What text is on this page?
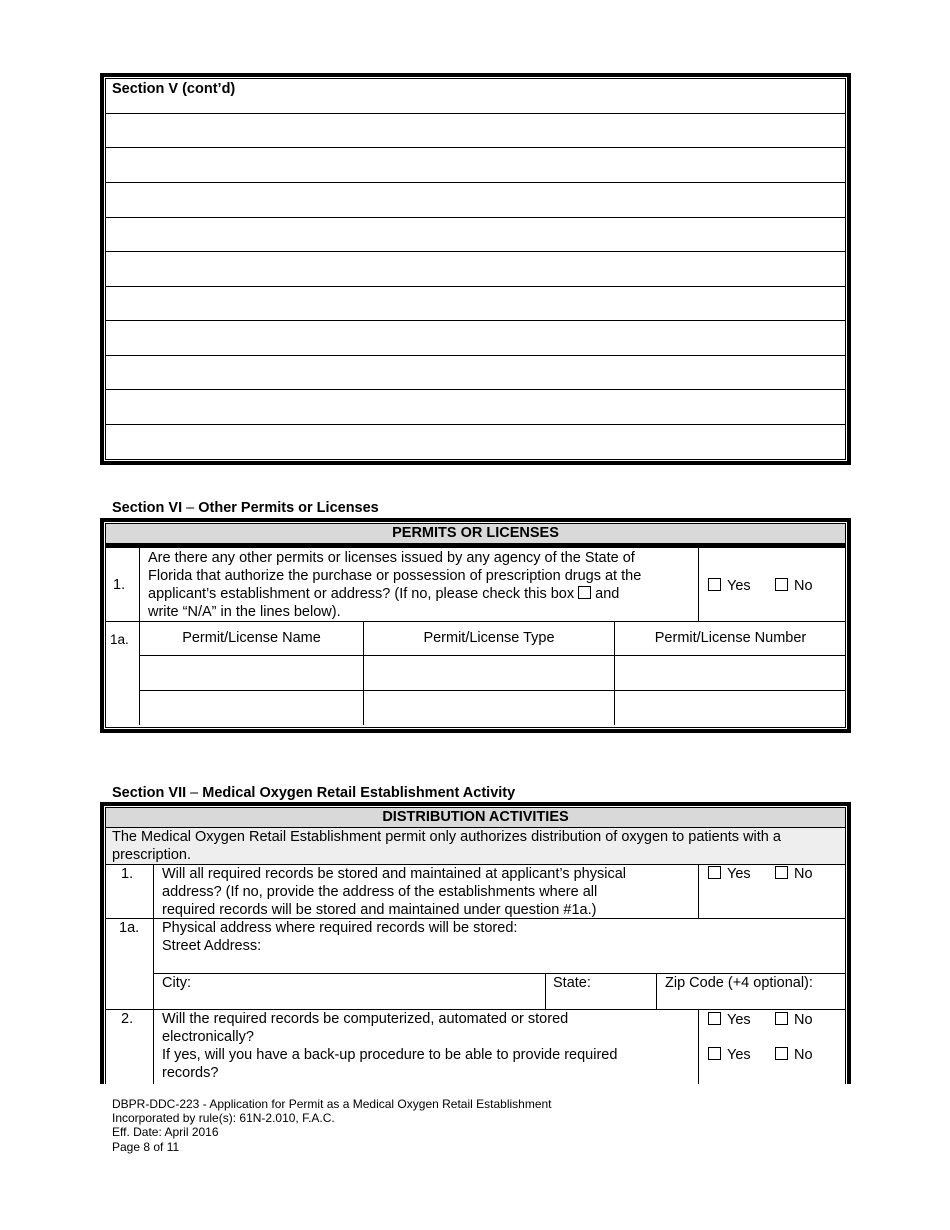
Section V (cont’d)
Section VI – Other Permits or Licenses
PERMITS OR LICENSES
1.
Are there any other permits or licenses issued by any agency of the State of
Florida that authorize the purchase or possession of prescription drugs at the
applicant’s establishment or address? (If no, please check this box and
write “N/A” in the lines below).
Yes	No
1a.	Permit/License Name	Permit/License Type	Permit/License Number
Section VII – Medical Oxygen Retail Establishment Activity
DISTRIBUTION ACTIVITIES
The Medical Oxygen Retail Establishment permit only authorizes distribution of oxygen to patients with a
prescription.
1. Will all required records be stored and maintained at applicant’s physical
address? (If no, provide the address of the establishments where all
required records will be stored and maintained under question #1a.)
Yes	No
1a. Physical address where required records will be stored:
Street Address:
City:	State:	Zip Code (+4 optional):
2. Will the required records be computerized, automated or stored
electronically?
If yes, will you have a back-up procedure to be able to provide required
records?
Yes	No
Yes	No
DBPR-DDC-223 - Application for Permit as a Medical Oxygen Retail Establishment
Incorporated by rule(s): 61N-2.010, F.A.C.
Eff. Date: April 2016
Page 8 of 11
